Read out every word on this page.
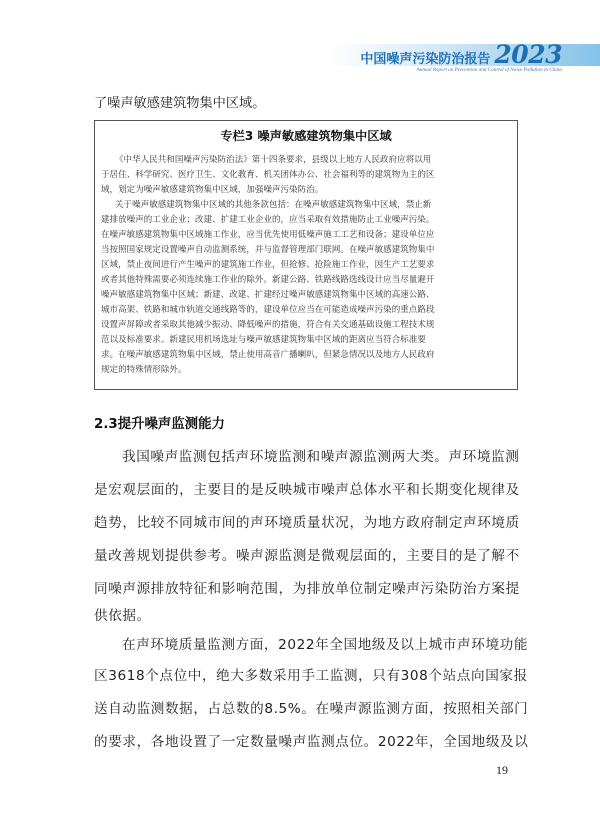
中国噪声污染防治报告 2023
Annual Report on Prevention and Control of Noise Pollution in China
了噪声敏感建筑物集中区域。
专栏3 噪声敏感建筑物集中区域
《中华人民共和国噪声污染防治法》第十四条要求，县级以上地方人民政府应将以用
于居住、科学研究、医疗卫生、文化教育、机关团体办公、社会福利等的建筑物为主的区
域，划定为噪声敏感建筑物集中区域，加强噪声污染防治。
关于噪声敏感建筑物集中区域的其他条款包括：在噪声敏感建筑物集中区域，禁止新
建排放噪声的工业企业；改建、扩建工业企业的，应当采取有效措施防止工业噪声污染。
在噪声敏感建筑物集中区域施工作业，应当优先使用低噪声施工工艺和设备；建设单位应
当按照国家规定设置噪声自动监测系统，并与监督管理部门联网。在噪声敏感建筑物集中
区域，禁止夜间进行产生噪声的建筑施工作业，但抢修、抢险施工作业，因生产工艺要求
或者其他特殊需要必须连续施工作业的除外。新建公路、铁路线路选线设计应当尽量避开
噪声敏感建筑物集中区域；新建、改建、扩建经过噪声敏感建筑物集中区域的高速公路、
城市高架、铁路和城市轨道交通线路等的，建设单位应当在可能造成噪声污染的重点路段
设置声屏障或者采取其他减少振动、降低噪声的措施，符合有关交通基础设施工程技术规
范以及标准要求。新建民用机场选址与噪声敏感建筑物集中区域的距离应当符合标准要
求。在噪声敏感建筑物集中区域，禁止使用高音广播喇叭，但紧急情况以及地方人民政府
规定的特殊情形除外。
2.3提升噪声监测能力
我国噪声监测包括声环境监测和噪声源监测两大类。声环境监测
是宏观层面的，主要目的是反映城市噪声总体水平和长期变化规律及
趋势，比较不同城市间的声环境质量状况，为地方政府制定声环境质
量改善规划提供参考。噪声源监测是微观层面的，主要目的是了解不
同噪声源排放特征和影响范围，为排放单位制定噪声污染防治方案提
供依据。
在声环境质量监测方面，2022年全国地级及以上城市声环境功能
区3618个点位中，绝大多数采用手工监测，只有308个站点向国家报
送自动监测数据，占总数的8.5%。在噪声源监测方面，按照相关部门
的要求，各地设置了一定数量噪声监测点位。2022年，全国地级及以
19
